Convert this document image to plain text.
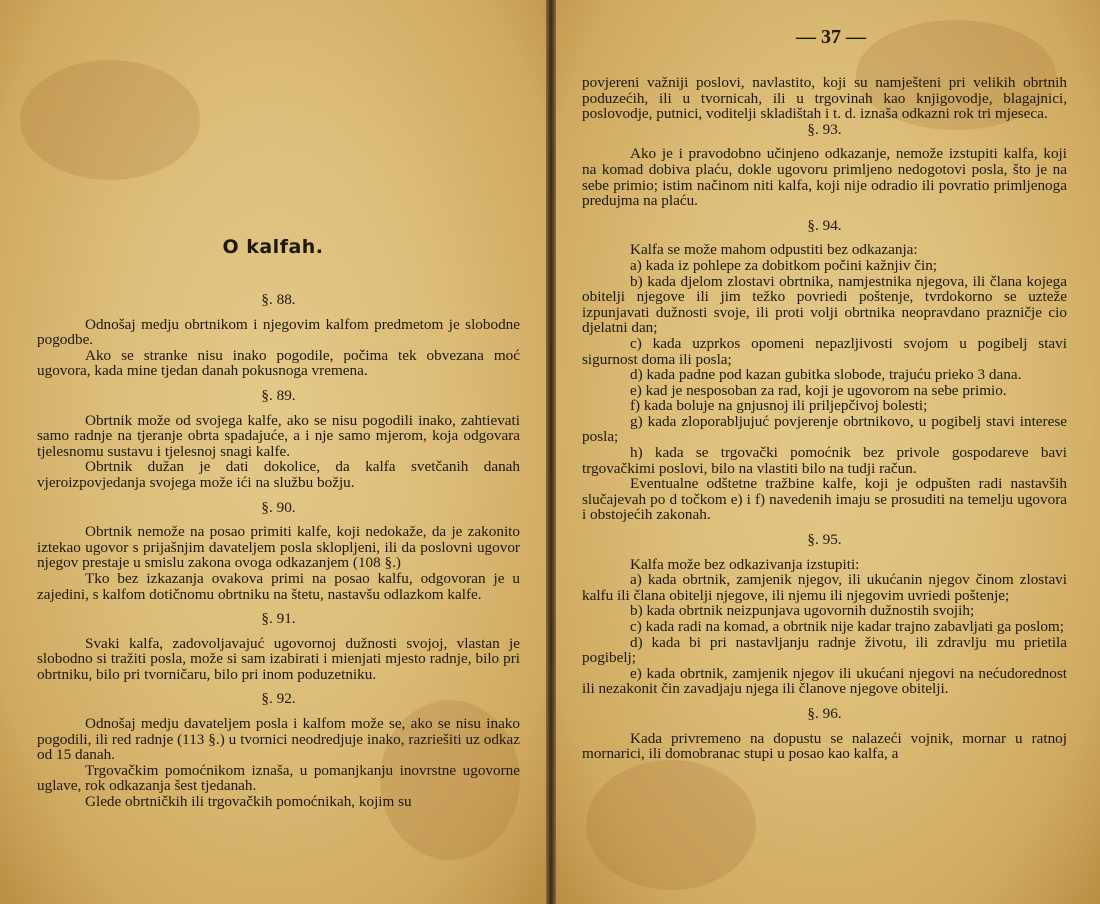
O kalfah.
§. 88.
Odnošaj medju obrtnikom i njegovim kalfom predmetom je slobodne pogodbe.
Ako se stranke nisu inako pogodile, počima tek obvezana moć ugovora, kada mine tjedan danah pokusnoga vremena.
§. 89.
Obrtnik može od svojega kalfe, ako se nisu pogodili inako, zahtievati samo radnje na tjeranje obrta spadajuće, a i nje samo mjerom, koja odgovara tjelesnomu sustavu i tjelesnoj snagi kalfe.
Obrtnik dužan je dati dokolice, da kalfa svetčanih danah vjeroizpovjedanja svojega može ići na službu božju.
§. 90.
Obrtnik nemože na posao primiti kalfe, koji nedokaže, da je zakonito iztekao ugovor s prijašnjim davateljem posla sklopljeni, ili da poslovni ugovor njegov prestaje u smislu zakona ovoga odkazanjem (108 §.)
Tko bez izkazanja ovakova primi na posao kalfu, odgovoran je u zajedini, s kalfom dotičnomu obrtniku na štetu, nastavšu odlazkom kalfe.
§. 91.
Svaki kalfa, zadovoljavajuć ugovornoj dužnosti svojoj, vlastan je slobodno si tražiti posla, može si sam izabirati i mienjati mjesto radnje, bilo pri obrtniku, bilo pri tvorničaru, bilo pri inom poduzetniku.
§. 92.
Odnošaj medju davateljem posla i kalfom može se, ako se nisu inako pogodili, ili red radnje (113 §.) u tvornici neodredjuje inako, razriešiti uz odkaz od 15 danah.
Trgovačkim pomoćnikom iznaša, u pomanjkanju inovrstne ugovorne uglave, rok odkazanja šest tjedanah.
Glede obrtničkih ili trgovačkih pomoćnikah, kojim su
— 37 —
povjereni važniji poslovi, navlastito, koji su namješteni pri velikih obrtnih poduzećih, ili u tvornicah, ili u trgovinah kao knjigovodje, blagajnici, poslovodje, putnici, voditelji skladištah i t. d. iznaša odkazni rok tri mjeseca.
§. 93.
Ako je i pravodobno učinjeno odkazanje, nemože izstupiti kalfa, koji na komad dobiva plaću, dokle ugovoru primljeno nedogotovi posla, što je na sebe primio; istim načinom niti kalfa, koji nije odradio ili povratio primljenoga predujma na plaću.
§. 94.
Kalfa se može mahom odpustiti bez odkazanja:
a) kada iz pohlepe za dobitkom počini kažnjiv čin;
b) kada djelom zlostavi obrtnika, namjestnika njegova, ili člana kojega obitelji njegove ili jim težko povriedi poštenje, tvrdokorno se uzteže izpunjavati dužnosti svoje, ili proti volji obrtnika neopravdano prazničje cio djelatni dan;
c) kada uzprkos opomeni nepazljivosti svojom u pogibelj stavi sigurnost doma ili posla;
d) kada padne pod kazan gubitka slobode, trajuću prieko 3 dana.
e) kad je nesposoban za rad, koji je ugovorom na sebe primio.
f) kada boluje na gnjusnoj ili priljepčivoj bolesti;
g) kada zloporabljujuć povjerenje obrtnikovo, u pogibelj stavi interese posla;
h) kada se trgovački pomoćnik bez privole gospodareve bavi trgovačkimi poslovi, bilo na vlastiti bilo na tudji račun.
Eventualne odštetne tražbine kalfe, koji je odpušten radi nastavših slučajevah po d točkom e) i f) navedenih imaju se prosuditi na temelju ugovora i obstojećih zakonah.
§. 95.
Kalfa može bez odkazivanja izstupiti:
a) kada obrtnik, zamjenik njegov, ili ukućanin njegov činom zlostavi kalfu ili člana obitelji njegove, ili njemu ili njegovim uvriedi poštenje;
b) kada obrtnik neizpunjava ugovornih dužnostih svojih;
c) kada radi na komad, a obrtnik nije kadar trajno zabavljati ga poslom;
d) kada bi pri nastavljanju radnje životu, ili zdravlju mu prietila pogibelj;
e) kada obrtnik, zamjenik njegov ili ukućani njegovi na nećudorednost ili nezakonit čin zavadjaju njega ili članove njegove obitelji.
§. 96.
Kada privremeno na dopustu se nalazeći vojnik, mornar u ratnoj mornarici, ili domobranac stupi u posao kao kalfa, a
